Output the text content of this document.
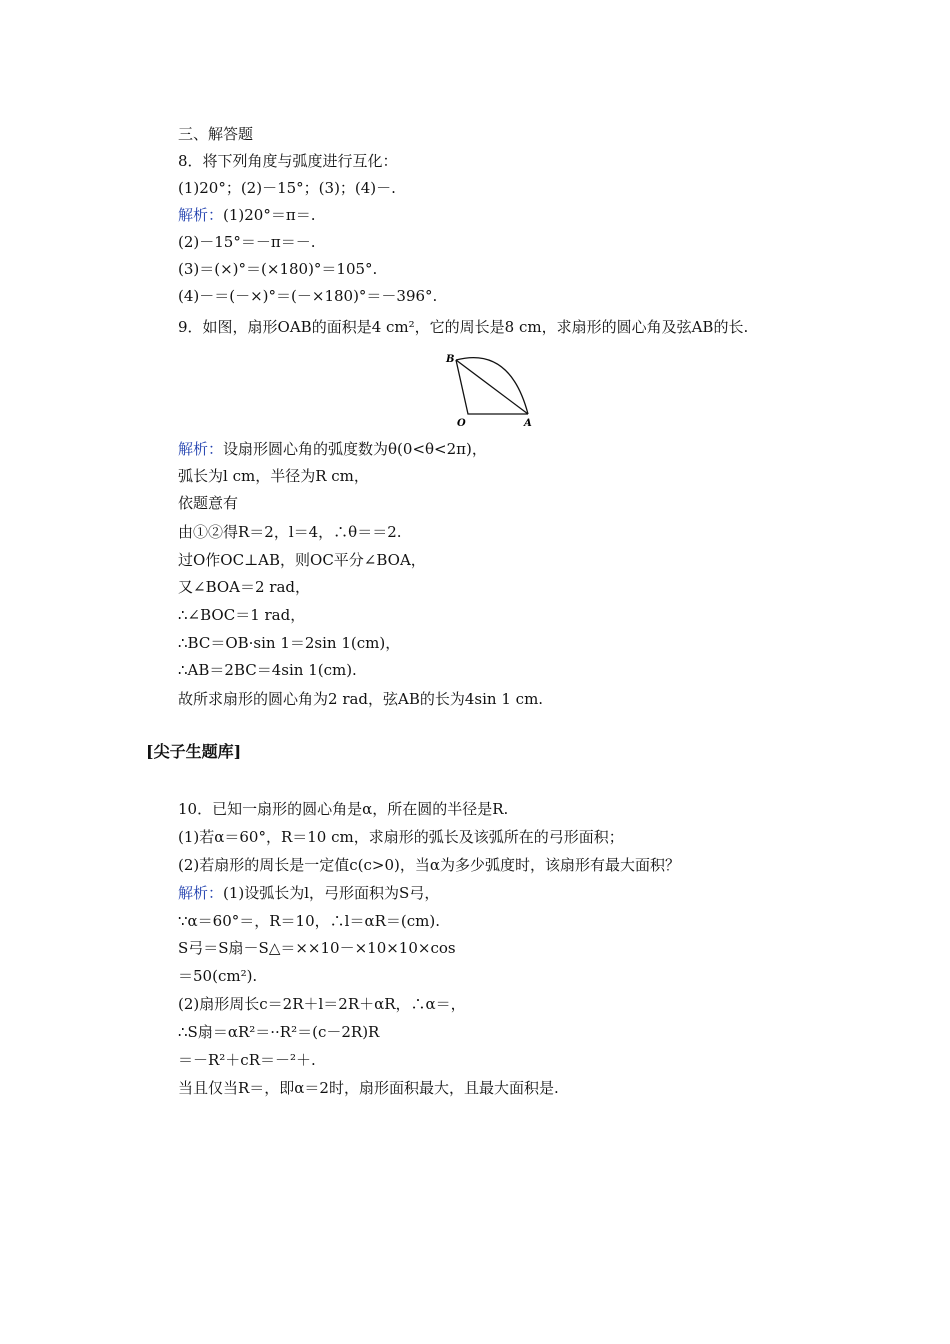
三、解答题
8．将下列角度与弧度进行互化：
(1)20°；(2)－15°；(3)；(4)－.
解析：(1)20°＝π＝.
(2)－15°＝－π＝－.
(3)＝(×)°＝(×180)°＝105°.
(4)－＝(－×)°＝(－×180)°＝－396°.
9．如图，扇形OAB的面积是4 cm²，它的周长是8 cm，求扇形的圆心角及弦AB的长.
B
O	A
解析：设扇形圆心角的弧度数为θ(0<θ<2π)，
弧长为l cm，半径为R cm，
依题意有
由①②得R＝2，l＝4，∴θ＝＝2.
过O作OC⊥AB，则OC平分∠BOA，
又∠BOA＝2 rad，
∴∠BOC＝1 rad，
∴BC＝OB·sin 1＝2sin 1(cm)，
∴AB＝2BC＝4sin 1(cm).
故所求扇形的圆心角为2 rad，弦AB的长为4sin 1 cm.
[尖子生题库]
10．已知一扇形的圆心角是α，所在圆的半径是R.
(1)若α＝60°，R＝10 cm，求扇形的弧长及该弧所在的弓形面积；
(2)若扇形的周长是一定值c(c>0)，当α为多少弧度时，该扇形有最大面积？
解析：(1)设弧长为l，弓形面积为S弓，
∵α＝60°＝，R＝10，∴l＝αR＝(cm).
S弓＝S扇－S△＝××10－×10×10×cos
＝50(cm²).
(2)扇形周长c＝2R＋l＝2R＋αR，∴α＝，
∴S扇＝αR²＝··R²＝(c－2R)R
＝－R²＋cR＝－²＋.
当且仅当R＝，即α＝2时，扇形面积最大，且最大面积是.
